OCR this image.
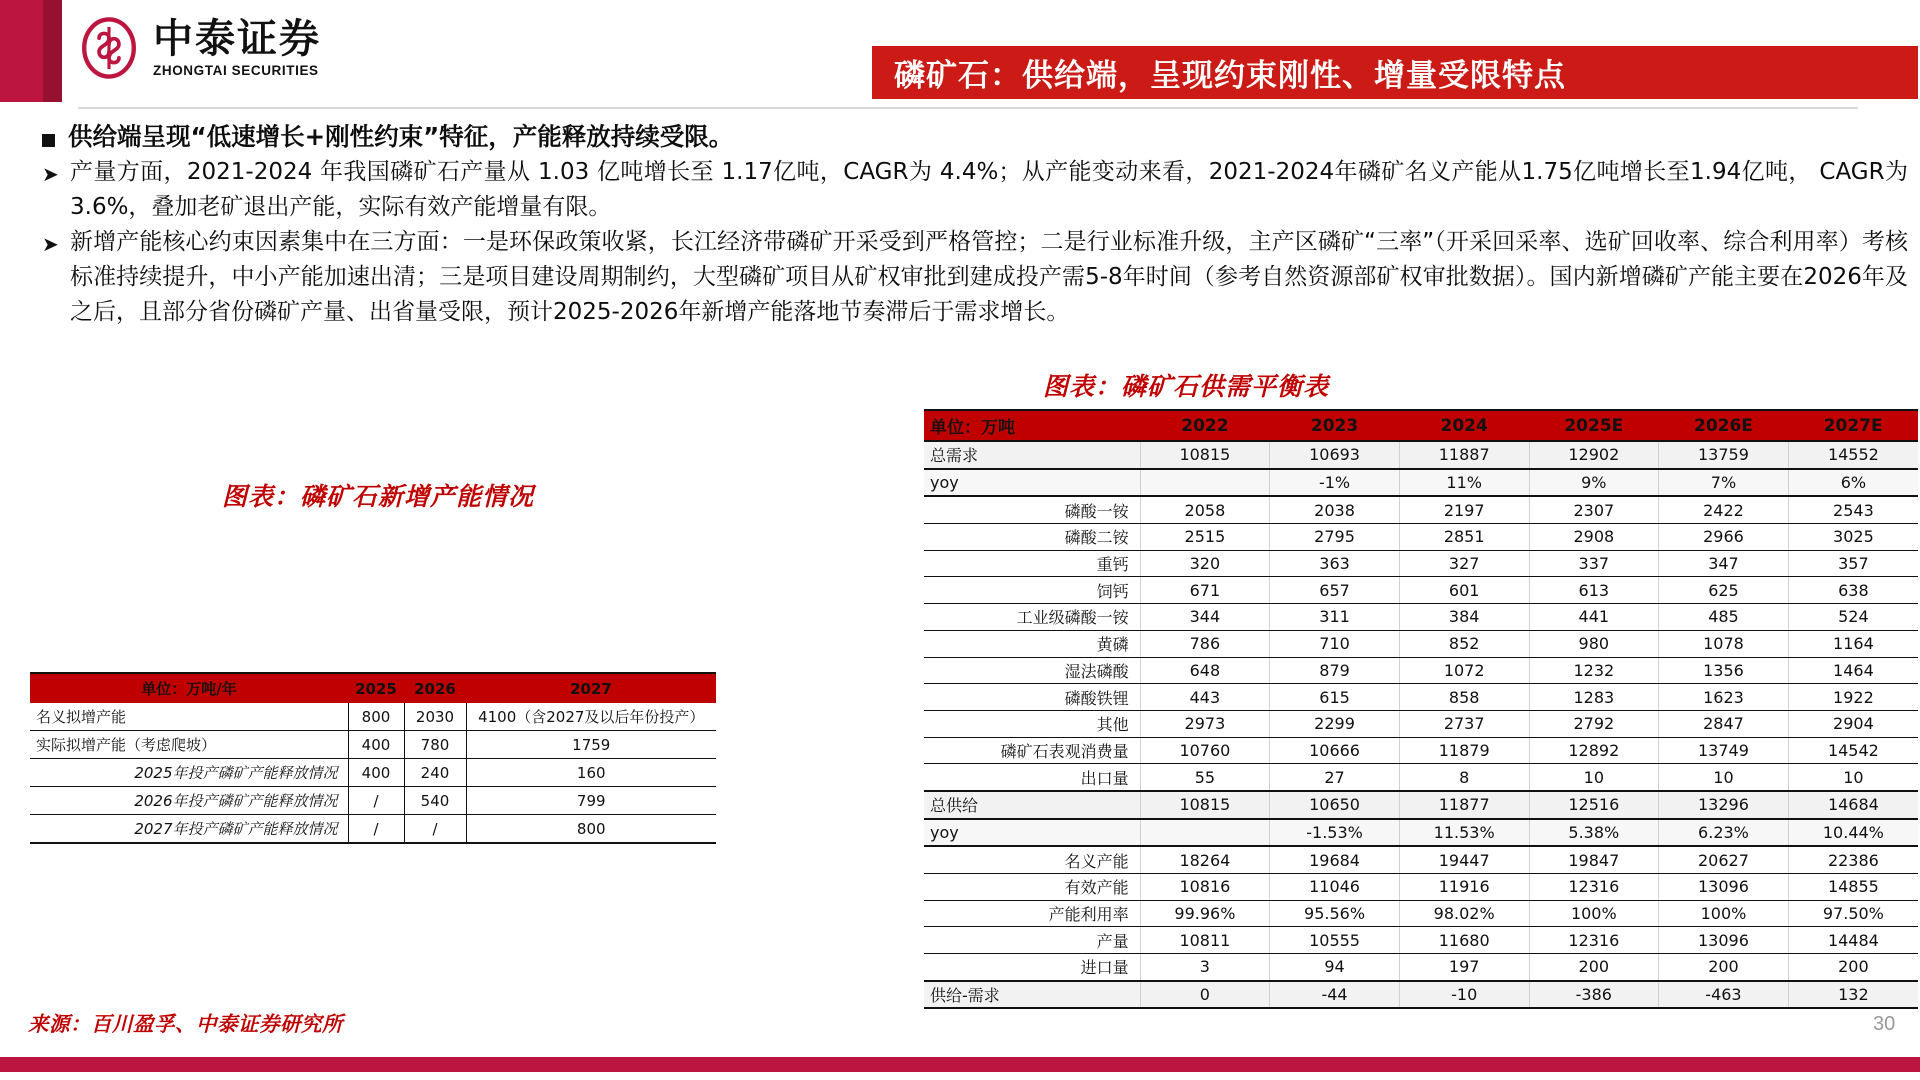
中泰证券
ZHONGTAI SECURITIES	磷矿石：供给端，呈现约束刚性、增量受限特点
供给端呈现“低速增长+刚性约束”特征，产能释放持续受限。
➤ 产量方面，2021-2024 年我国磷矿石产量从 1.03 亿吨增长至 1.17亿吨，CAGR为 4.4%；从产能变动来看，2021-2024年磷矿名义产能从1.75亿吨增长至1.94亿吨， CAGR为3.6%，叠加老矿退出产能，实际有效产能增量有限。
➤ 新增产能核心约束因素集中在三方面：一是环保政策收紧，长江经济带磷矿开采受到严格管控；二是行业标准升级，主产区磷矿“三率”（开采回采率、选矿回收率、综合利用率）考核标准持续提升，中小产能加速出清；三是项目建设周期制约，大型磷矿项目从矿权审批到建成投产需5-8年时间（参考自然资源部矿权审批数据）。国内新增磷矿产能主要在2026年及之后，且部分省份磷矿产量、出省量受限，预计2025-2026年新增产能落地节奏滞后于需求增长。
图表：磷矿石新增产能情况
图表：磷矿石供需平衡表
单位：万吨/年	2025	2026	2027
名义拟增产能	800	2030	4100（含2027及以后年份投产）
实际拟增产能（考虑爬坡）	400	780	1759
2025年投产磷矿产能释放情况	400	240	160
2026年投产磷矿产能释放情况	/	540	799
2027年投产磷矿产能释放情况	/	/	800
单位：万吨	2022	2023	2024	2025E	2026E	2027E
总需求	10815	10693	11887	12902	13759	14552
yoy		-1%	11%	9%	7%	6%
磷酸一铵	2058	2038	2197	2307	2422	2543
磷酸二铵	2515	2795	2851	2908	2966	3025
重钙	320	363	327	337	347	357
饲钙	671	657	601	613	625	638
工业级磷酸一铵	344	311	384	441	485	524
黄磷	786	710	852	980	1078	1164
湿法磷酸	648	879	1072	1232	1356	1464
磷酸铁锂	443	615	858	1283	1623	1922
其他	2973	2299	2737	2792	2847	2904
磷矿石表观消费量	10760	10666	11879	12892	13749	14542
出口量	55	27	8	10	10	10
总供给	10815	10650	11877	12516	13296	14684
yoy		-1.53%	11.53%	5.38%	6.23%	10.44%
名义产能	18264	19684	19447	19847	20627	22386
有效产能	10816	11046	11916	12316	13096	14855
产能利用率	99.96%	95.56%	98.02%	100%	100%	97.50%
产量	10811	10555	11680	12316	13096	14484
进口量	3	94	197	200	200	200
供给-需求	0	-44	-10	-386	-463	132
来源：百川盈孚、中泰证券研究所	30
